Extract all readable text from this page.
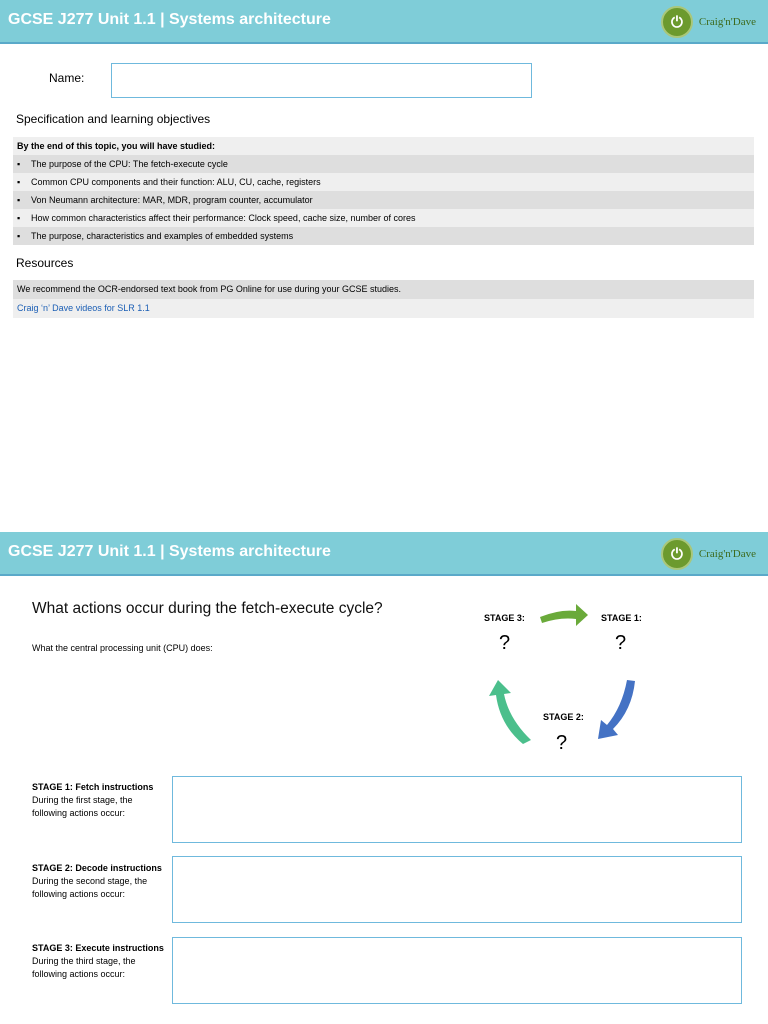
GCSE J277 Unit 1.1 | Systems architecture	⏻	Craig'n'Dave
Name:
Specification and learning objectives
By the end of this topic, you will have studied:
▪ The purpose of the CPU: The fetch-execute cycle
▪ Common CPU components and their function: ALU, CU, cache, registers
▪ Von Neumann architecture: MAR, MDR, program counter, accumulator
▪ How common characteristics affect their performance: Clock speed, cache size, number of cores
▪ The purpose, characteristics and examples of embedded systems
Resources
We recommend the OCR-endorsed text book from PG Online for use during your GCSE studies.
Craig ‘n’ Dave videos for SLR 1.1
GCSE J277 Unit 1.1 | Systems architecture	⏻	Craig'n'Dave
What actions occur during the fetch-execute cycle?
What the central processing unit (CPU) does:
STAGE 3:
?
STAGE 1:
?
STAGE 2:
?
STAGE 1: Fetch instructions
During the first stage, the following actions occur:
STAGE 2: Decode instructions
During the second stage, the following actions occur:
STAGE 3: Execute instructions
During the third stage, the following actions occur:
